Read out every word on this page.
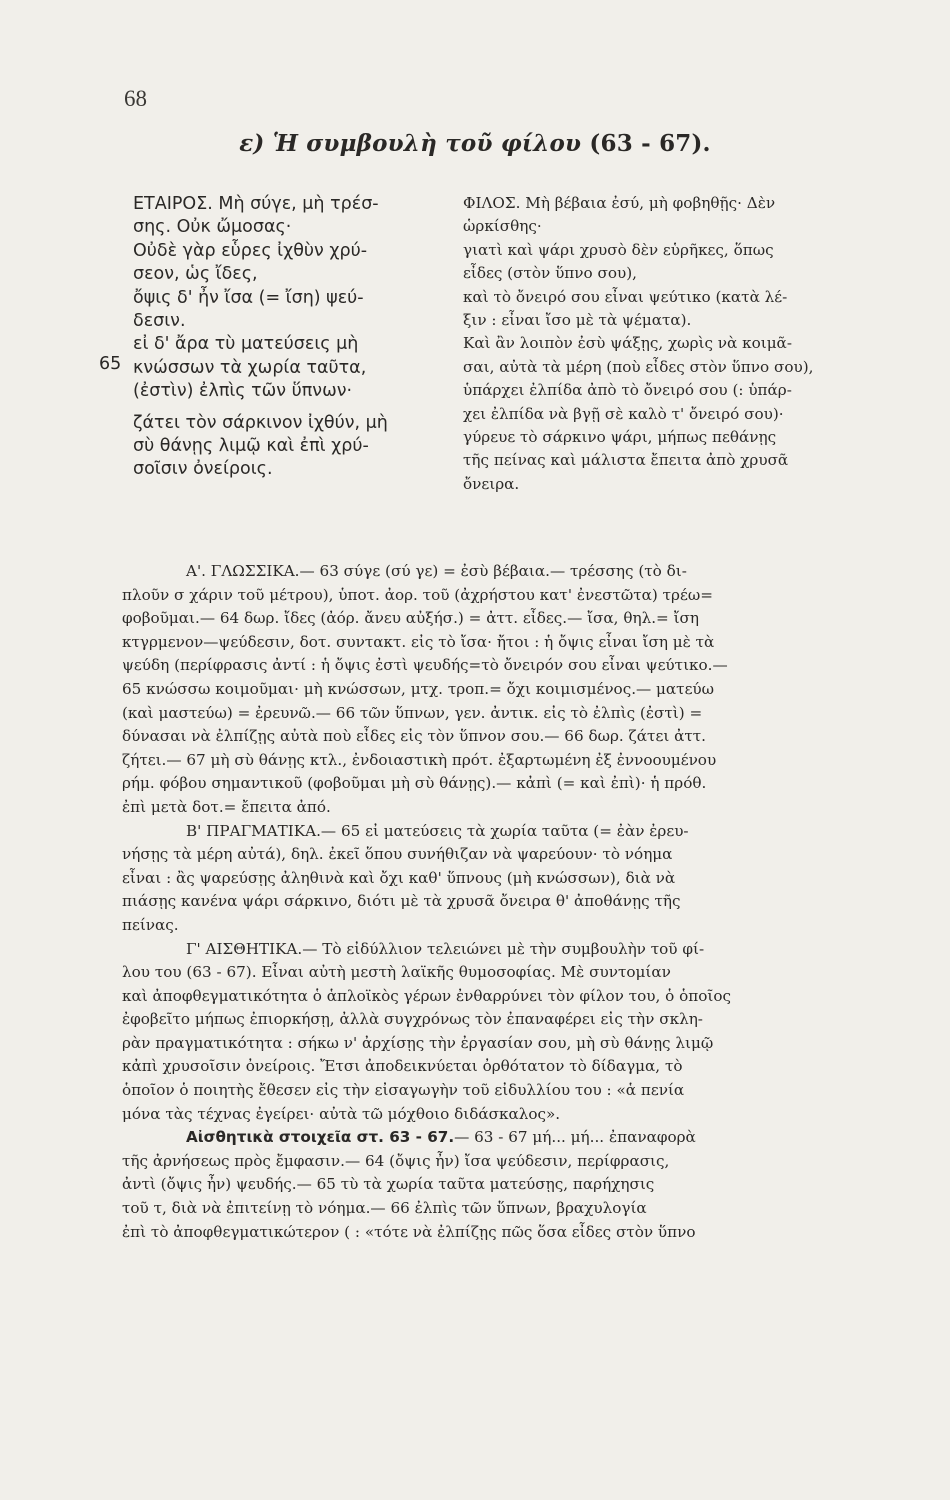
68
ε) Ἡ συμβουλὴ τοῦ φίλου (63 - 67).
65
ΕΤΑΙΡΟΣ. Μὴ σύγε, μὴ τρέσ-
σης. Οὐκ ὤμοσας·
Οὐδὲ γὰρ εὗρες ἰχθὺν χρύ-
σεον, ὡς ἴδες,
ὄψις δ' ἦν ἴσα (= ἴση) ψεύ-
δεσιν.
εἰ δ' ἄρα τὺ ματεύσεις μὴ
κνώσσων τὰ χωρία ταῦτα,
(ἐστὶν) ἐλπὶς τῶν ὕπνων·
ζάτει τὸν σάρκινον ἰχθύν, μὴ
σὺ θάνῃς λιμῷ καὶ ἐπὶ χρύ-
σοῖσιν ὀνείροις.
ΦΙΛΟΣ. Μὴ βέβαια ἐσύ, μὴ φοβηθῇς· Δὲν
ὡρκίσθης·
γιατὶ καὶ ψάρι χρυσὸ δὲν εὑρῆκες, ὅπως
εἶδες (στὸν ὕπνο σου),
καὶ τὸ ὄνειρό σου εἶναι ψεύτικο (κατὰ λέ-
ξιν : εἶναι ἴσο μὲ τὰ ψέματα).
Καὶ ἂν λοιπὸν ἐσὺ ψάξῃς, χωρὶς νὰ κοιμᾶ-
σαι, αὐτὰ τὰ μέρη (ποὺ εἶδες στὸν ὕπνο σου),
ὑπάρχει ἐλπίδα ἀπὸ τὸ ὄνειρό σου (: ὑπάρ-
χει ἐλπίδα νὰ βγῇ σὲ καλὸ τ' ὄνειρό σου)·
γύρευε τὸ σάρκινο ψάρι, μήπως πεθάνῃς
τῆς πείνας καὶ μάλιστα ἔπειτα ἀπὸ χρυσᾶ
ὄνειρα.
Α'. ΓΛΩΣΣΙΚΑ.— 63 σύγε (σύ γε) = ἐσὺ βέβαια.— τρέσσης (τὸ δι-
πλοῦν σ χάριν τοῦ μέτρου), ὑποτ. ἀορ. τοῦ (ἀχρήστου κατ' ἐνεστῶτα) τρέω=
φοβοῦμαι.— 64 δωρ. ἴδες (ἀόρ. ἄνευ αὐξήσ.) = ἀττ. εἶδες.— ἴσα, θηλ.= ἴση
κτγρμενον—ψεύδεσιν, δοτ. συντακτ. εἰς τὸ ἴσα· ἤτοι : ἡ ὄψις εἶναι ἴση μὲ τὰ
ψεύδη (περίφρασις ἀντί : ἡ ὄψις ἐστὶ ψευδής=τὸ ὄνειρόν σου εἶναι ψεύτικο.—
65 κνώσσω κοιμοῦμαι· μὴ κνώσσων, μτχ. τροπ.= ὄχι κοιμισμένος.— ματεύω
(καὶ μαστεύω) = ἐρευνῶ.— 66 τῶν ὕπνων, γεν. ἀντικ. εἰς τὸ ἐλπὶς (ἐστὶ) =
δύνασαι νὰ ἐλπίζῃς αὐτὰ ποὺ εἶδες εἰς τὸν ὕπνον σου.— 66 δωρ. ζάτει ἀττ.
ζήτει.— 67 μὴ σὺ θάνῃς κτλ., ἐνδοιαστικὴ πρότ. ἐξαρτωμένη ἐξ ἐννοουμένου
ρήμ. φόβου σημαντικοῦ (φοβοῦμαι μὴ σὺ θάνῃς).— κἀπὶ (= καὶ ἐπὶ)· ἡ πρόθ.
ἐπὶ μετὰ δοτ.= ἔπειτα ἀπό.
Β' ΠΡΑΓΜΑΤΙΚΑ.— 65 εἰ ματεύσεις τὰ χωρία ταῦτα (= ἐὰν ἐρευ-
νήσῃς τὰ μέρη αὐτά), δηλ. ἐκεῖ ὅπου συνήθιζαν νὰ ψαρεύουν· τὸ νόημα
εἶναι : ἂς ψαρεύσῃς ἀληθινὰ καὶ ὄχι καθ' ὕπνους (μὴ κνώσσων), διὰ νὰ
πιάσῃς κανένα ψάρι σάρκινο, διότι μὲ τὰ χρυσᾶ ὄνειρα θ' ἀποθάνῃς τῆς
πείνας.
Γ' ΑΙΣΘΗΤΙΚΑ.— Τὸ εἰδύλλιον τελειώνει μὲ τὴν συμβουλὴν τοῦ φί-
λου του (63 - 67). Εἶναι αὐτὴ μεστὴ λαϊκῆς θυμοσοφίας. Μὲ συντομίαν
καὶ ἀποφθεγματικότητα ὁ ἁπλοϊκὸς γέρων ἐνθαρρύνει τὸν φίλον του, ὁ ὁποῖος
ἐφοβεῖτο μήπως ἐπιορκήσῃ, ἀλλὰ συγχρόνως τὸν ἐπαναφέρει εἰς τὴν σκλη-
ρὰν πραγματικότητα : σήκω ν' ἀρχίσῃς τὴν ἐργασίαν σου, μὴ σὺ θάνῃς λιμῷ
κἀπὶ χρυσοῖσιν ὀνείροις. Ἔτσι ἀποδεικνύεται ὀρθότατον τὸ δίδαγμα, τὸ
ὁποῖον ὁ ποιητὴς ἔθεσεν εἰς τὴν εἰσαγωγὴν τοῦ εἰδυλλίου του : «ἁ πενία
μόνα τὰς τέχνας ἐγείρει· αὐτὰ τῶ μόχθοιο διδάσκαλος».
Αἰσθητικὰ στοιχεῖα στ. 63 - 67.— 63 - 67 μή... μή... ἐπαναφορὰ
τῆς ἀρνήσεως πρὸς ἔμφασιν.— 64 (ὄψις ἦν) ἴσα ψεύδεσιν, περίφρασις,
ἀντὶ (ὄψις ἦν) ψευδής.— 65 τὺ τὰ χωρία ταῦτα ματεύσῃς, παρήχησις
τοῦ τ, διὰ νὰ ἐπιτείνῃ τὸ νόημα.— 66 ἐλπὶς τῶν ὕπνων, βραχυλογία
ἐπὶ τὸ ἀποφθεγματικώτερον ( : «τότε νὰ ἐλπίζῃς πῶς ὅσα εἶδες στὸν ὕπνο
